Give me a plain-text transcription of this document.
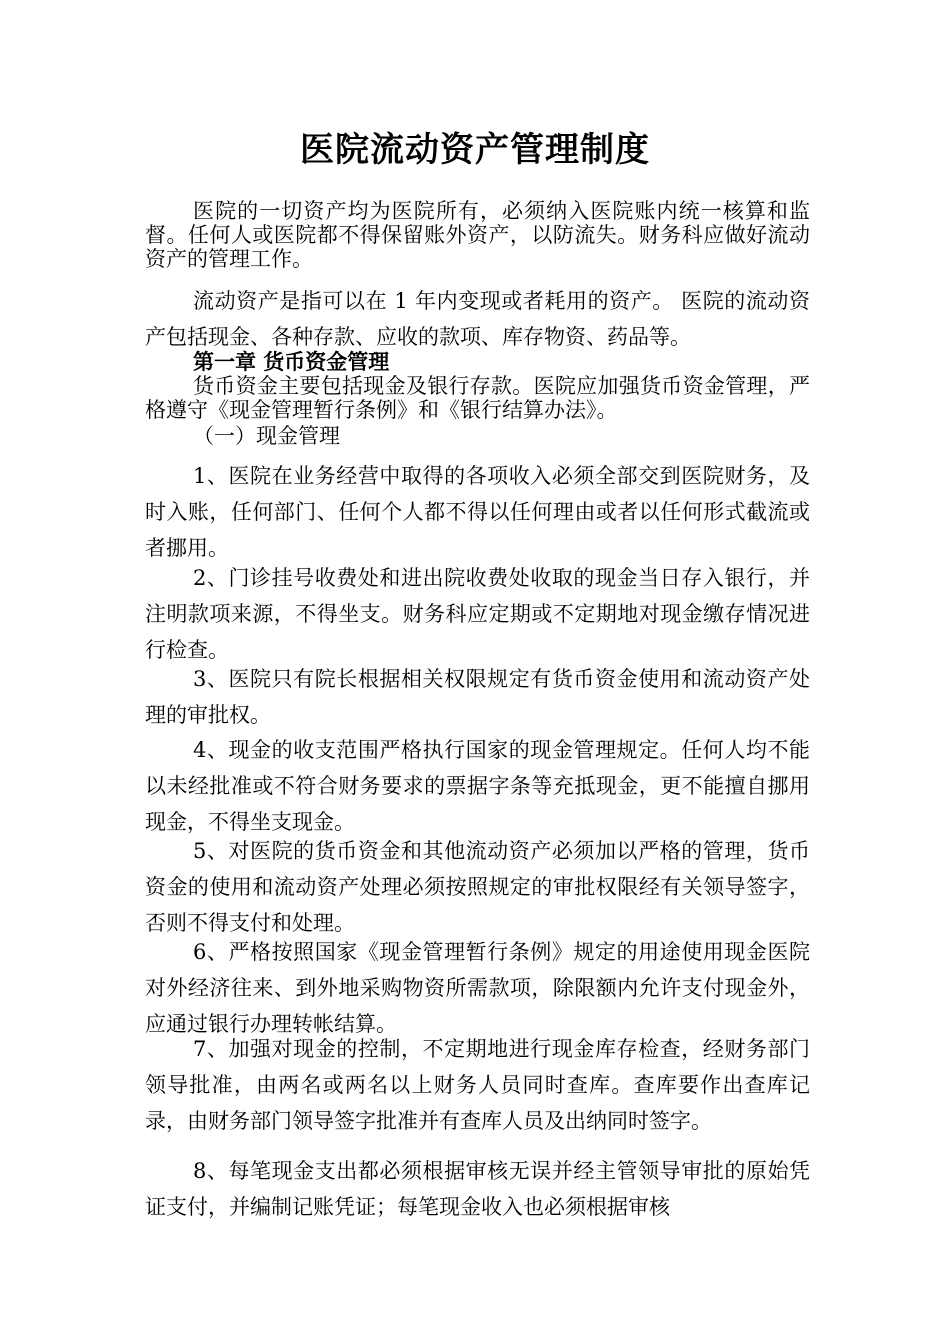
医院流动资产管理制度

医院的一切资产均为医院所有，必须纳入医院账内统一核算和监督。任何人或医院都不得保留账外资产，以防流失。财务科应做好流动资产的管理工作。

流动资产是指可以在 1 年内变现或者耗用的资产。 医院的流动资产包括现金、各种存款、应收的款项、库存物资、药品等。

第一章 货币资金管理

货币资金主要包括现金及银行存款。医院应加强货币资金管理，严格遵守《现金管理暂行条例》和《银行结算办法》。

（一）现金管理

1、医院在业务经营中取得的各项收入必须全部交到医院财务，及时入账，任何部门、任何个人都不得以任何理由或者以任何形式截流或者挪用。

2、门诊挂号收费处和进出院收费处收取的现金当日存入银行，并注明款项来源，不得坐支。财务科应定期或不定期地对现金缴存情况进行检查。

3、医院只有院长根据相关权限规定有货币资金使用和流动资产处理的审批权。

4、现金的收支范围严格执行国家的现金管理规定。任何人均不能以未经批准或不符合财务要求的票据字条等充抵现金，更不能擅自挪用现金，不得坐支现金。

5、对医院的货币资金和其他流动资产必须加以严格的管理，货币资金的使用和流动资产处理必须按照规定的审批权限经有关领导签字，否则不得支付和处理。

6、严格按照国家《现金管理暂行条例》规定的用途使用现金医院对外经济往来、到外地采购物资所需款项，除限额内允许支付现金外，应通过银行办理转帐结算。

7、加强对现金的控制，不定期地进行现金库存检查，经财务部门领导批准，由两名或两名以上财务人员同时查库。查库要作出查库记录，由财务部门领导签字批准并有查库人员及出纳同时签字。

8、每笔现金支出都必须根据审核无误并经主管领导审批的原始凭证支付，并编制记账凭证；每笔现金收入也必须根据审核
